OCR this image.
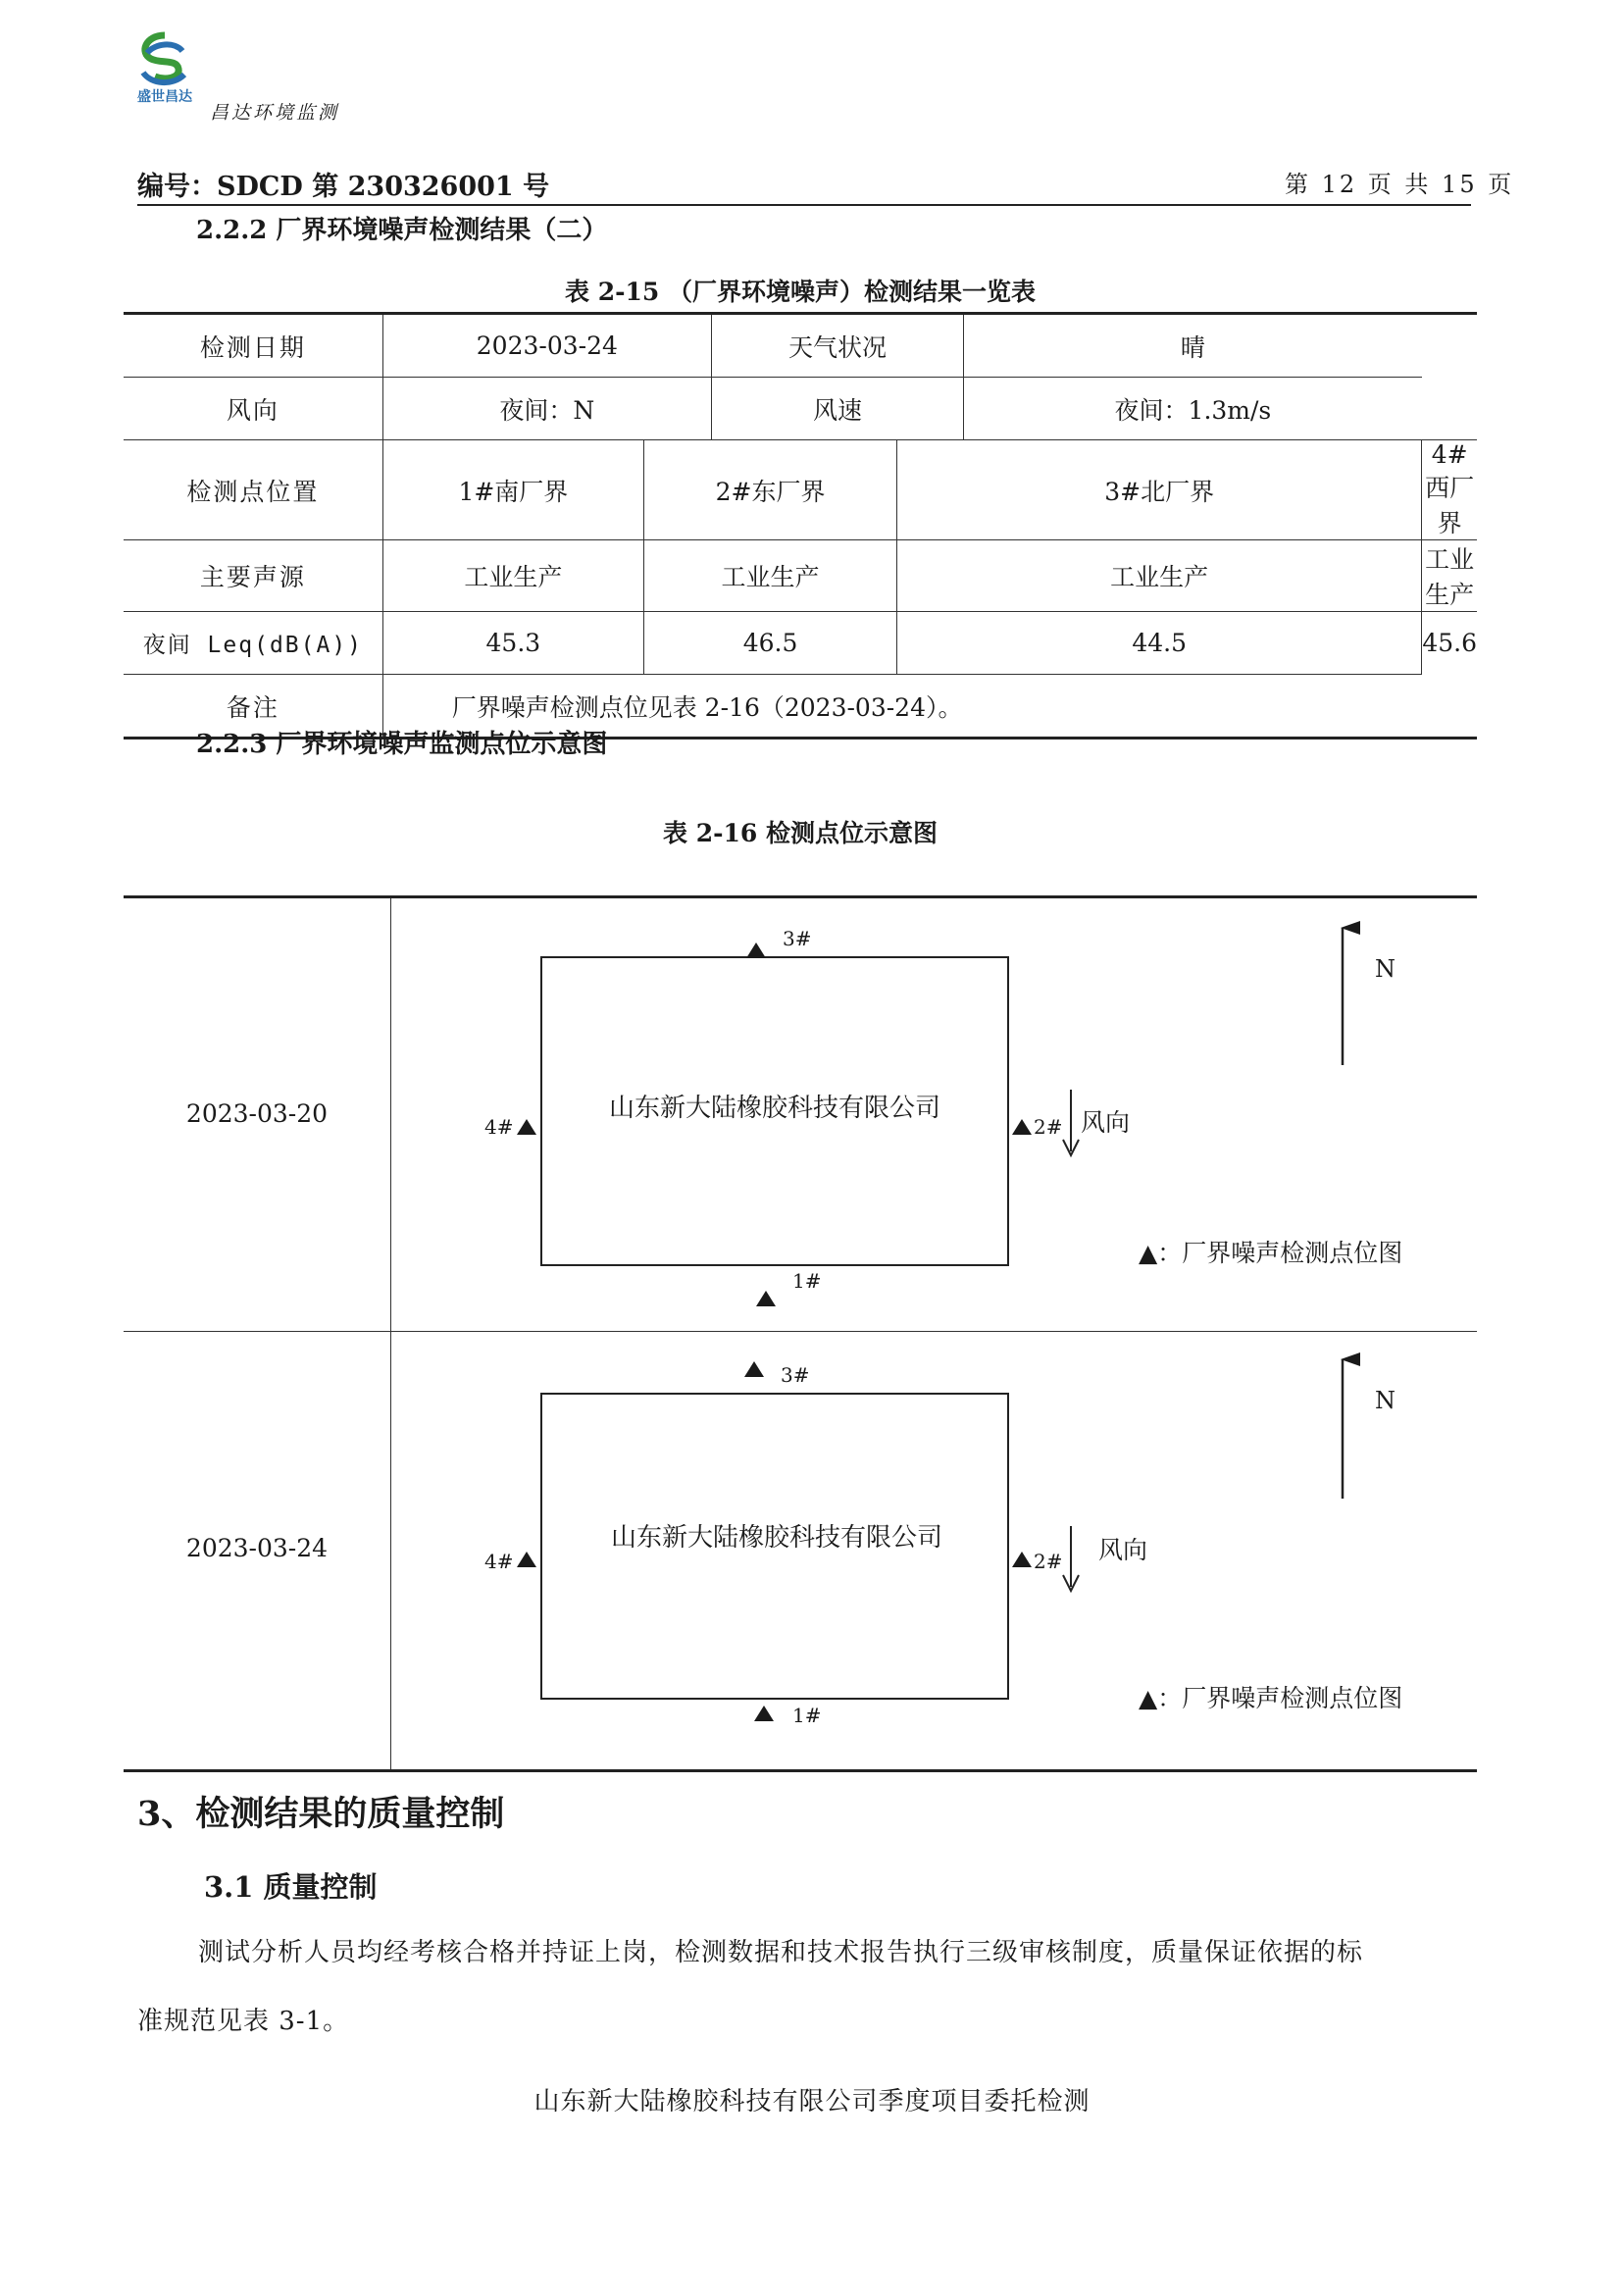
盛世昌达
昌达环境监测
编号：SDCD 第 230326001 号	第 12 页 共 15 页
2.2.2 厂界环境噪声检测结果（二）
表 2-15 （厂界环境噪声）检测结果一览表
检测日期	2023-03-24		天气状况		晴	
风向	夜间：N		风速		夜间：1.3m/s	
检测点位置	1#南厂界	2#东厂界		3#北厂界		4#西厂界
主要声源	工业生产	工业生产		工业生产		工业生产
夜间 Leq(dB(A))	45.3	46.5		44.5		45.6
备注	厂界噪声检测点位见表 2-16（2023-03-24）。					
2.2.3 厂界环境噪声监测点位示意图
表 2-16 检测点位示意图
2023-03-20
2023-03-24
山东新大陆橡胶科技有限公司
3#
1#
4#	2# 风向
N
▲：厂界噪声检测点位图
山东新大陆橡胶科技有限公司
3#
1#
4#	2# 风向
N
▲：厂界噪声检测点位图
3、检测结果的质量控制
3.1 质量控制
测试分析人员均经考核合格并持证上岗，检测数据和技术报告执行三级审核制度，质量保证依据的标
准规范见表 3-1。
山东新大陆橡胶科技有限公司季度项目委托检测
